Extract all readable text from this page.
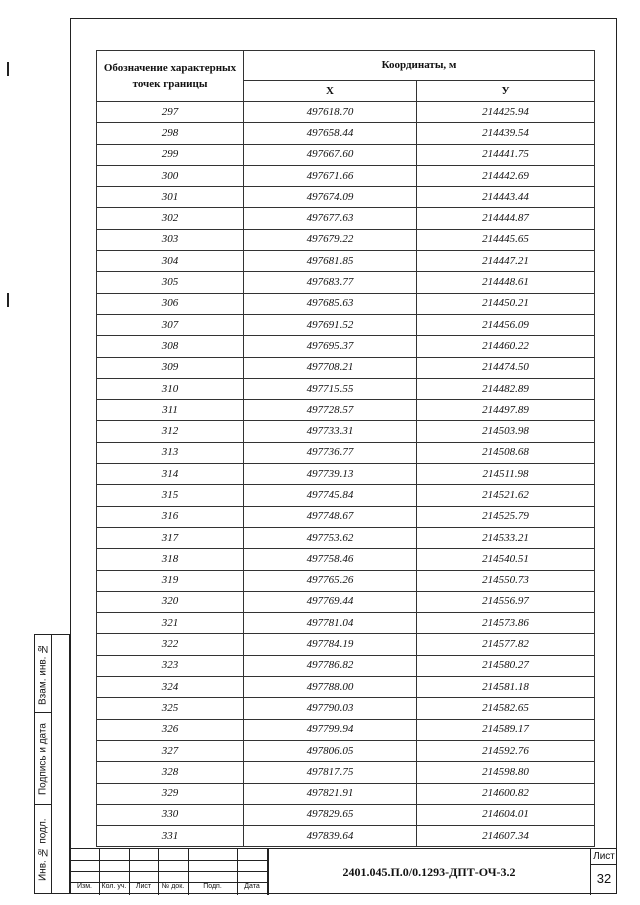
Обозначение характерных точек границы	Координаты, м	
	X	У
297	497618.70	214425.94
298	497658.44	214439.54
299	497667.60	214441.75
300	497671.66	214442.69
301	497674.09	214443.44
302	497677.63	214444.87
303	497679.22	214445.65
304	497681.85	214447.21
305	497683.77	214448.61
306	497685.63	214450.21
307	497691.52	214456.09
308	497695.37	214460.22
309	497708.21	214474.50
310	497715.55	214482.89
311	497728.57	214497.89
312	497733.31	214503.98
313	497736.77	214508.68
314	497739.13	214511.98
315	497745.84	214521.62
316	497748.67	214525.79
317	497753.62	214533.21
318	497758.46	214540.51
319	497765.26	214550.73
320	497769.44	214556.97
321	497781.04	214573.86
322	497784.19	214577.82
323	497786.82	214580.27
324	497788.00	214581.18
325	497790.03	214582.65
326	497799.94	214589.17
327	497806.05	214592.76
328	497817.75	214598.80
329	497821.91	214600.82
330	497829.65	214604.01
331	497839.64	214607.34
Взам. инв. №
Подпись и дата
Инв. № подл.
Изм.	Кол. уч.	Лист	№ док.	Подп.	Дата
2401.045.П.0/0.1293-ДПТ-ОЧ-3.2
Лист
32
